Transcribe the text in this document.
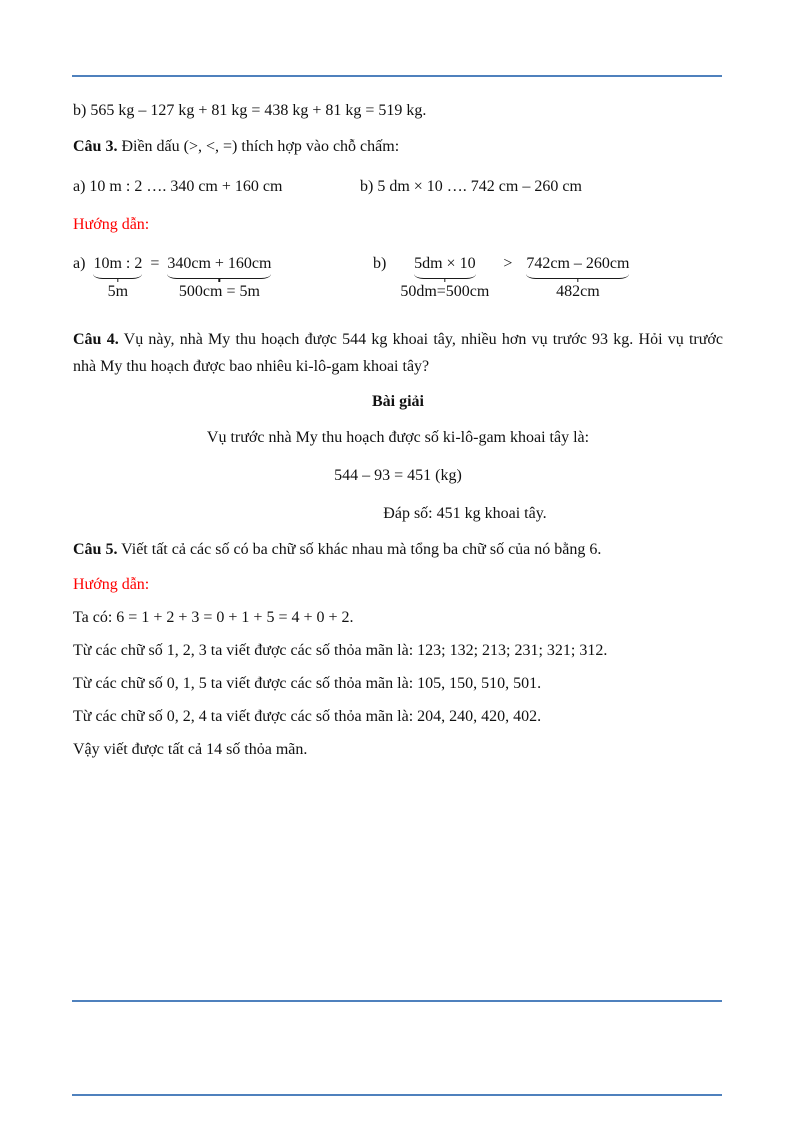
b) 565 kg – 127 kg + 81 kg = 438 kg + 81 kg = 519 kg.

Câu 3. Điền dấu (>, <, =) thích hợp vào chỗ chấm:

a) 10 m : 2 …. 340 cm + 160 cm	b) 5 dm × 10 …. 742 cm – 260 cm

Hướng dẫn:

a) 10m : 2
5m
= 340cm + 160cm
500cm = 5m
b) 5dm × 10
50dm=500cm
> 742cm – 260cm
482cm

Câu 4. Vụ này, nhà My thu hoạch được 544 kg khoai tây, nhiều hơn vụ trước 93 kg. Hỏi vụ trước nhà My thu hoạch được bao nhiêu ki-lô-gam khoai tây?

Bài giải

Vụ trước nhà My thu hoạch được số ki-lô-gam khoai tây là:

544 – 93 = 451 (kg)

Đáp số: 451 kg khoai tây.

Câu 5. Viết tất cả các số có ba chữ số khác nhau mà tổng ba chữ số của nó bằng 6.

Hướng dẫn:

Ta có: 6 = 1 + 2 + 3 = 0 + 1 + 5 = 4 + 0 + 2.

Từ các chữ số 1, 2, 3 ta viết được các số thỏa mãn là: 123; 132; 213; 231; 321; 312.

Từ các chữ số 0, 1, 5 ta viết được các số thỏa mãn là: 105, 150, 510, 501.

Từ các chữ số 0, 2, 4 ta viết được các số thỏa mãn là: 204, 240, 420, 402.

Vậy viết được tất cả 14 số thỏa mãn.
